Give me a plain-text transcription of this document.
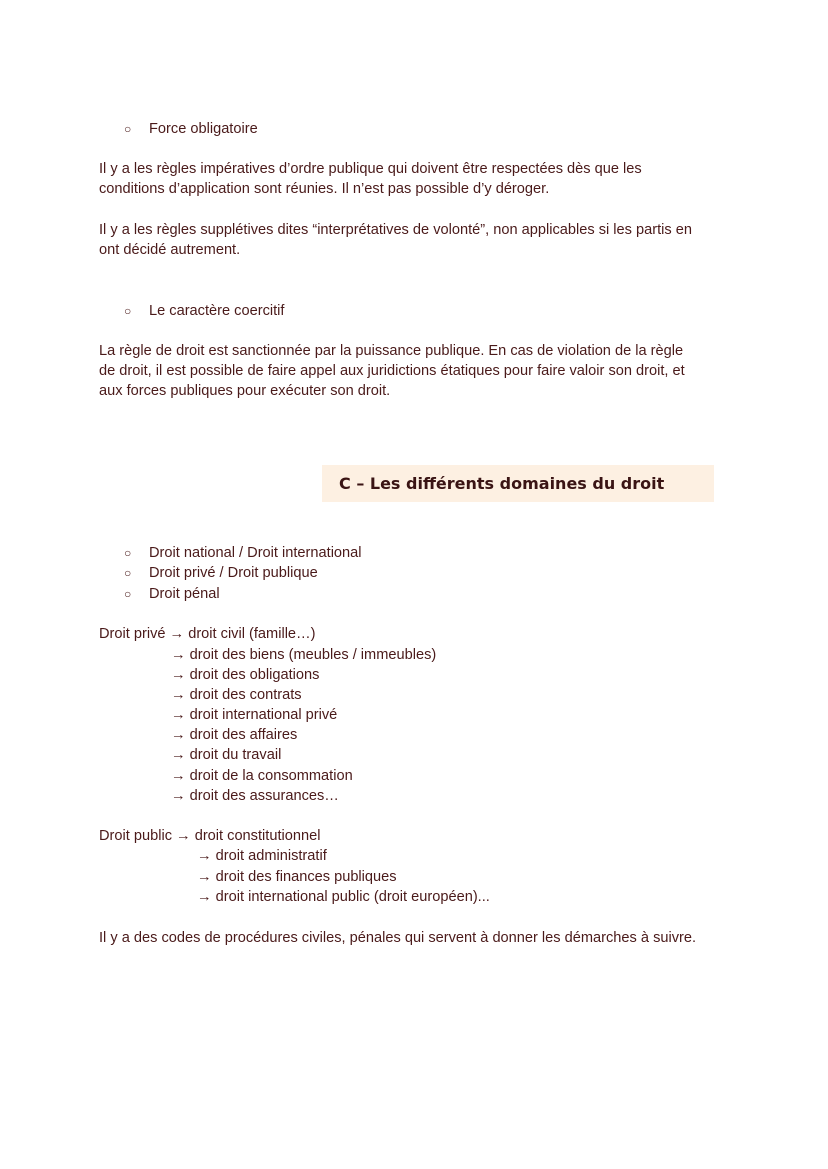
○ Force obligatoire
Il y a les règles impératives d’ordre publique qui doivent être respectées dès que les
conditions d’application sont réunies. Il n’est pas possible d’y déroger.
Il y a les règles supplétives dites “interprétatives de volonté”, non applicables si les partis en
ont décidé autrement.
○ Le caractère coercitif
La règle de droit est sanctionnée par la puissance publique. En cas de violation de la règle
de droit, il est possible de faire appel aux juridictions étatiques pour faire valoir son droit, et
aux forces publiques pour exécuter son droit.
C – Les différents domaines du droit
○ Droit national / Droit international
○ Droit privé / Droit publique
○ Droit pénal
Droit privé → droit civil (famille…)
→ droit des biens (meubles / immeubles)
→ droit des obligations
→ droit des contrats
→ droit international privé
→ droit des affaires
→ droit du travail
→ droit de la consommation
→ droit des assurances…
Droit public → droit constitutionnel
→ droit administratif
→ droit des finances publiques
→ droit international public (droit européen)...
Il y a des codes de procédures civiles, pénales qui servent à donner les démarches à suivre.
